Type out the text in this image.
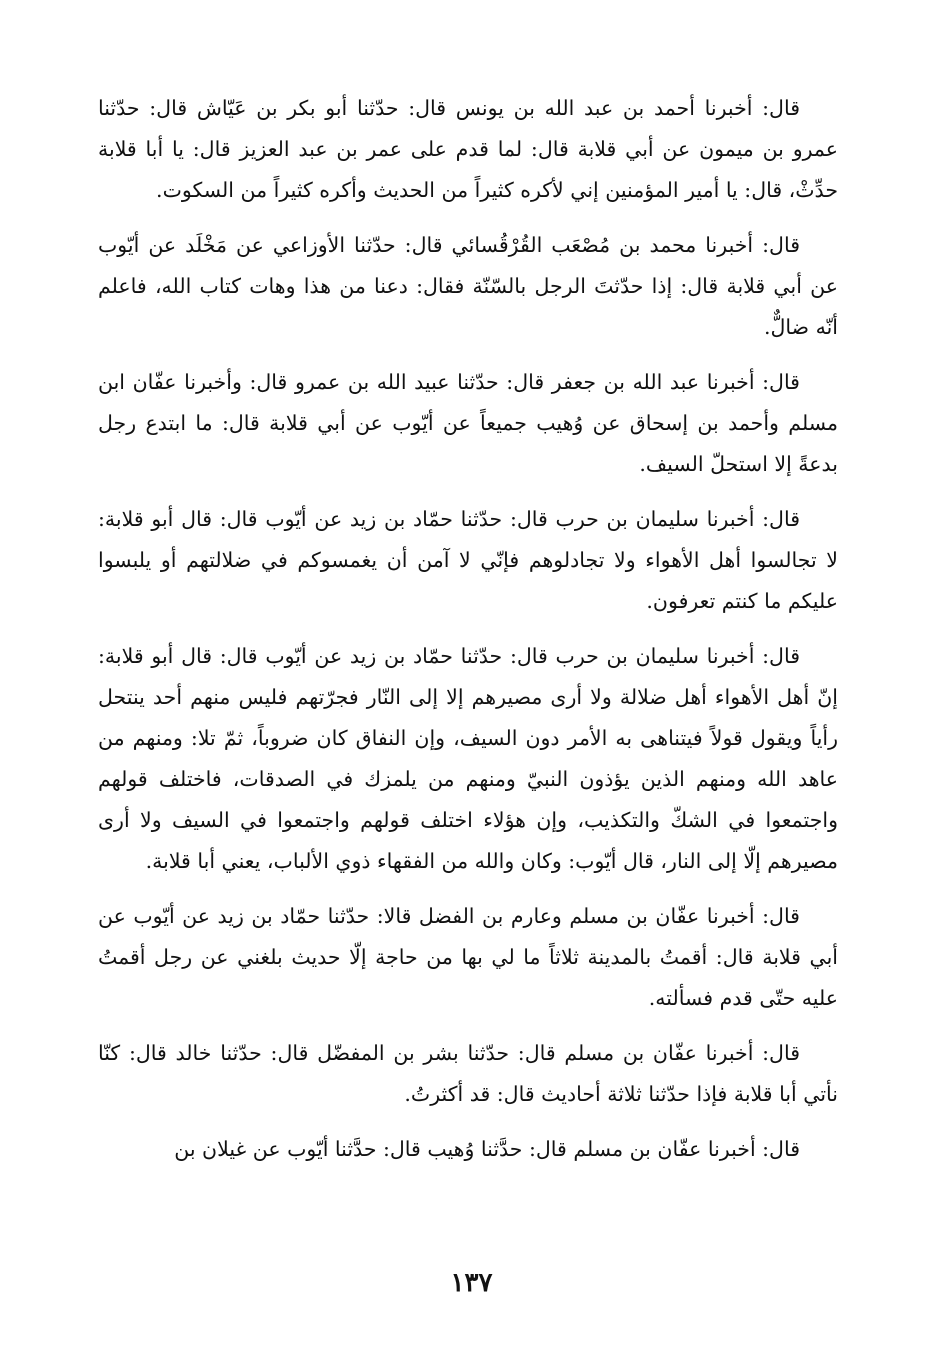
قال: أخبرنا أحمد بن عبد الله بن يونس قال: حدّثنا أبو بكر بن عَيّاش قال: حدّثنا عمرو بن ميمون عن أبي قلابة قال: لما قدم على عمر بن عبد العزيز قال: يا أبا قلابة حدِّثْ، قال: يا أمير المؤمنين إني لأكره كثيراً من الحديث وأكره كثيراً من السكوت.

قال: أخبرنا محمد بن مُصْعَب القُرْقُسائي قال: حدّثنا الأوزاعي عن مَخْلَد عن أيّوب عن أبي قلابة قال: إذا حدّثتَ الرجل بالسّنّة فقال: دعنا من هذا وهات كتاب الله، فاعلم أنّه ضالٌّ.

قال: أخبرنا عبد الله بن جعفر قال: حدّثنا عبيد الله بن عمرو قال: وأخبرنا عفّان ابن مسلم وأحمد بن إسحاق عن وُهيب جميعاً عن أيّوب عن أبي قلابة قال: ما ابتدع رجل بدعةً إلا استحلّ السيف.

قال: أخبرنا سليمان بن حرب قال: حدّثنا حمّاد بن زيد عن أيّوب قال: قال أبو قلابة: لا تجالسوا أهل الأهواء ولا تجادلوهم فإنّي لا آمن أن يغمسوكم في ضلالتهم أو يلبسوا عليكم ما كنتم تعرفون.

قال: أخبرنا سليمان بن حرب قال: حدّثنا حمّاد بن زيد عن أيّوب قال: قال أبو قلابة: إنّ أهل الأهواء أهل ضلالة ولا أرى مصيرهم إلا إلى النّار فجرّتهم فليس منهم أحد ينتحل رأياً ويقول قولاً فيتناهى به الأمر دون السيف، وإن النفاق كان ضروباً، ثمّ تلا: ومنهم من عاهد الله ومنهم الذين يؤذون النبيّ ومنهم من يلمزك في الصدقات، فاختلف قولهم واجتمعوا في الشكّ والتكذيب، وإن هؤلاء اختلف قولهم واجتمعوا في السيف ولا أرى مصيرهم إلّا إلى النار، قال أيّوب: وكان والله من الفقهاء ذوي الألباب، يعني أبا قلابة.

قال: أخبرنا عفّان بن مسلم وعارم بن الفضل قالا: حدّثنا حمّاد بن زيد عن أيّوب عن أبي قلابة قال: أقمتُ بالمدينة ثلاثاً ما لي بها من حاجة إلّا حديث بلغني عن رجل أقمتُ عليه حتّى قدم فسألته.

قال: أخبرنا عفّان بن مسلم قال: حدّثنا بشر بن المفضّل قال: حدّثنا خالد قال: كنّا نأتي أبا قلابة فإذا حدّثنا ثلاثة أحاديث قال: قد أكثرتُ.

قال: أخبرنا عفّان بن مسلم قال: حدَّثنا وُهيب قال: حدَّثنا أيّوب عن غيلان بن

١٣٧
